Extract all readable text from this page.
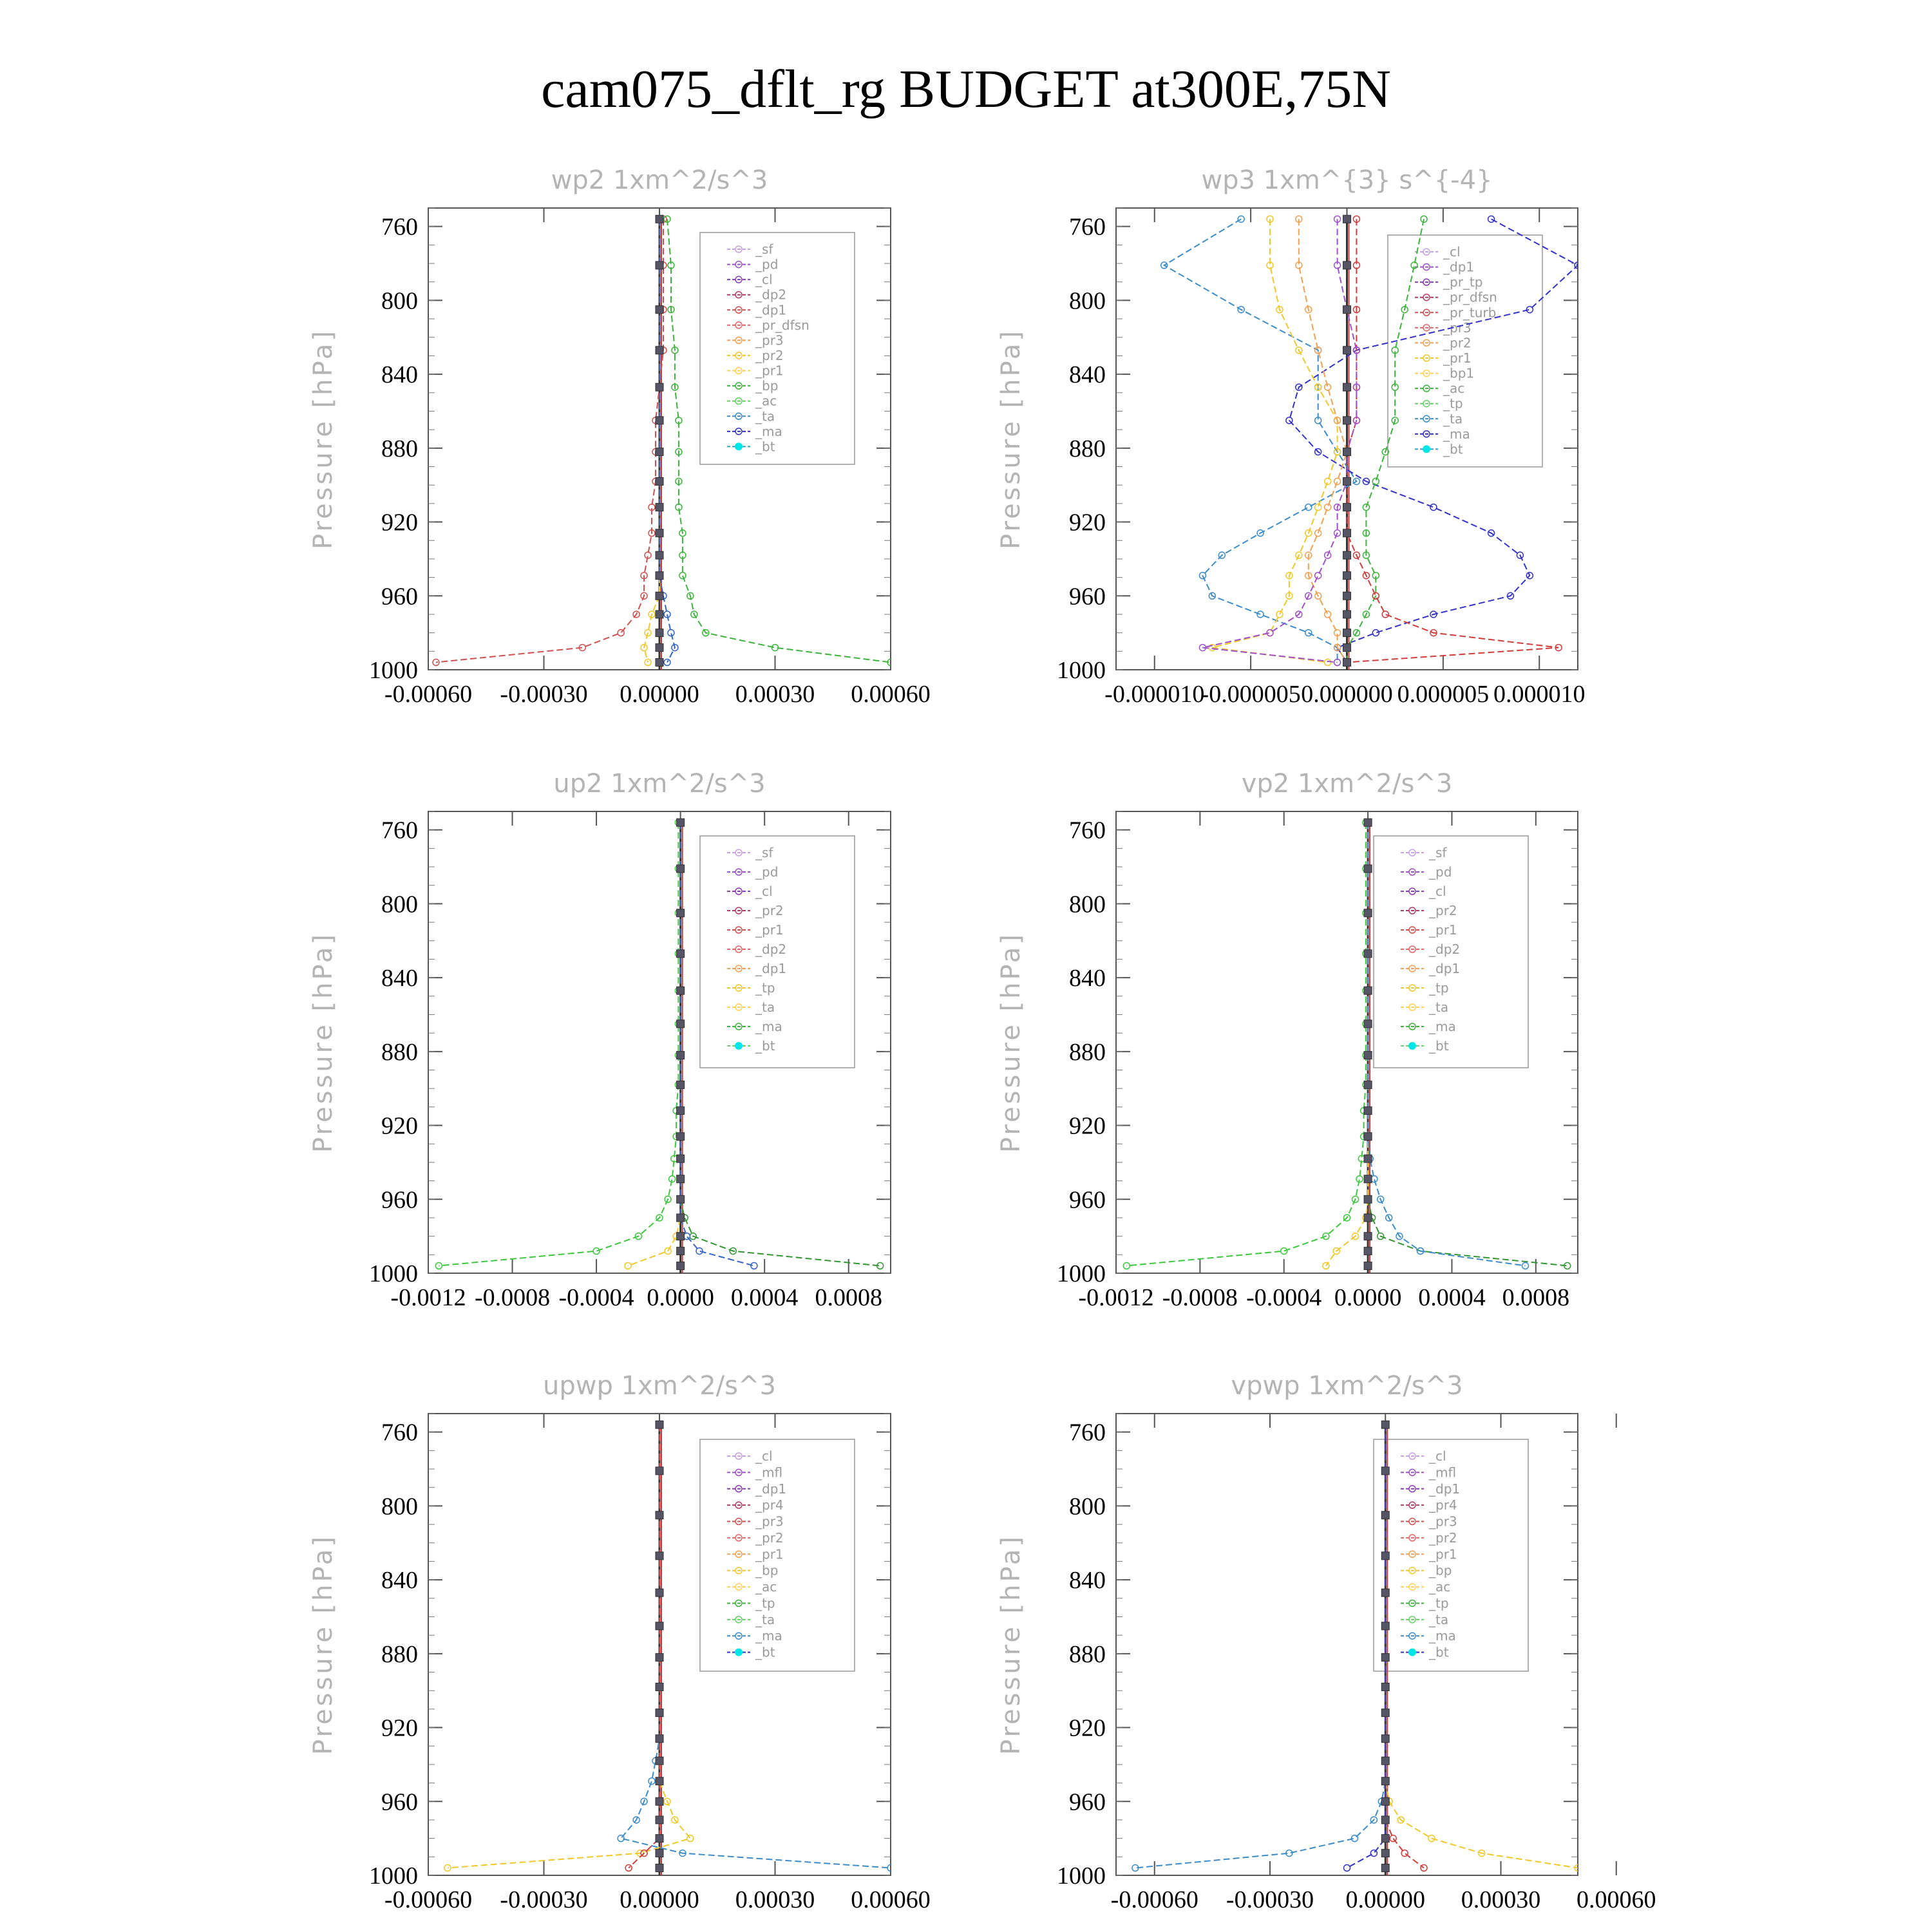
cam075_dflt_rg BUDGET at300E,75N
wp2 1xm^2/s^3
Pressure [hPa]
760
800
840
880
920
960
1000
-0.00060 -0.00030 0.00000 0.00030 0.00060
_sf
_pd
_cl
_dp2
_dp1
_pr_dfsn
_pr3
_pr2
_pr1
_bp
_ac
_ta
_ma
_bt
wp3 1xm^{3} s^{-4}
Pressure [hPa]
760
800
840
880
920
960
1000
-0.000010
-0.000005 0.000000 0.000005 0.000010
_cl
_dp1
_pr_tp
_pr_dfsn
_pr_turb
_pr3
_pr2
_pr1
_bp1
_ac
_tp
_ta
_ma
_bt
up2 1xm^2/s^3
Pressure [hPa]
760
800
840
880
920
960
1000
-0.0012 -0.0008 -0.0004 0.0000 0.0004 0.0008
_sf
_pd
_cl
_pr2
_pr1
_dp2
_dp1
_tp
_ta
_ma
_bt
vp2 1xm^2/s^3
Pressure [hPa]
760
800
840
880
920
960
1000
-0.0012 -0.0008 -0.0004 0.0000 0.0004 0.0008
_sf
_pd
_cl
_pr2
_pr1
_dp2
_dp1
_tp
_ta
_ma
_bt
upwp 1xm^2/s^3
Pressure [hPa]
760
800
840
880
920
960
1000
-0.00060 -0.00030 0.00000 0.00030 0.00060
_cl
_mfl
_dp1
_pr4
_pr3
_pr2
_pr1
_bp
_ac
_tp
_ta
_ma
_bt
vpwp 1xm^2/s^3
Pressure [hPa]
760
800
840
880
920
960
1000
-0.00060 -0.00030 0.00000 0.00030 0.00060
_cl
_mfl
_dp1
_pr4
_pr3
_pr2
_pr1
_bp
_ac
_tp
_ta
_ma
_bt
